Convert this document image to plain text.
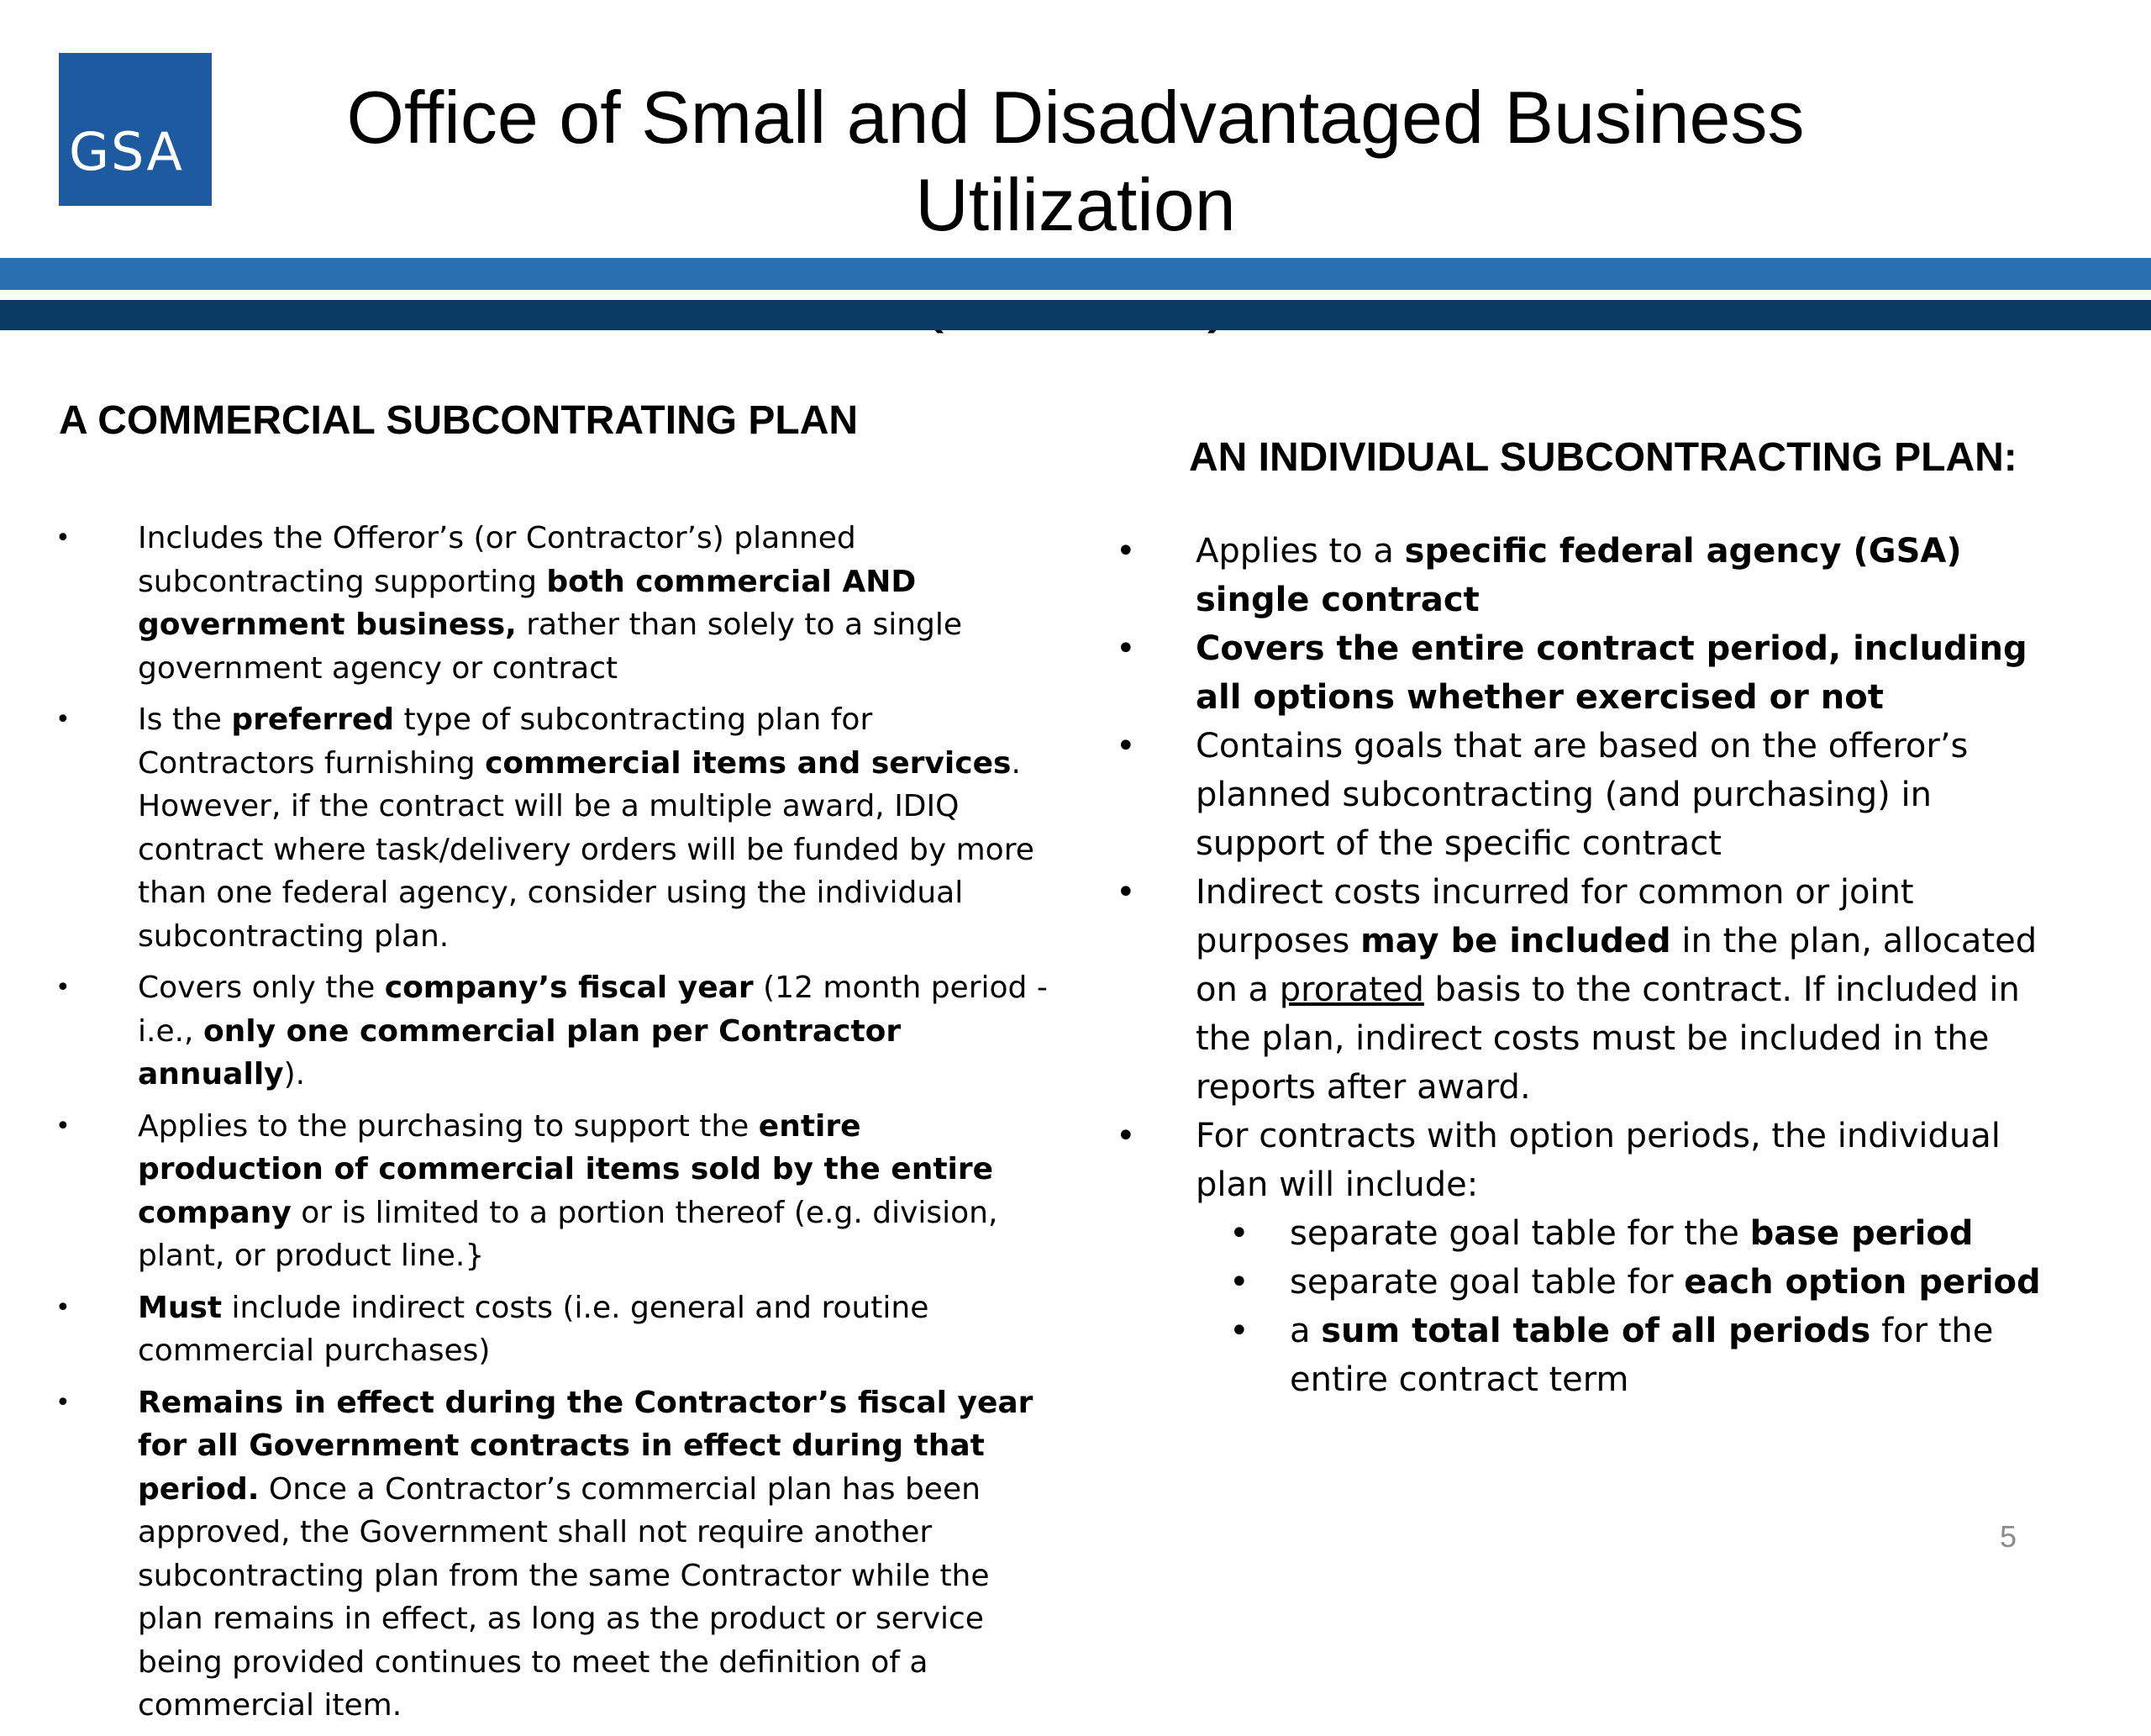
GSA	Office of Small and Disadvantaged Business Utilization
A COMMERCIAL SUBCONTRATING PLAN
• Includes the Offeror’s (or Contractor’s) planned subcontracting supporting both commercial AND government business, rather than solely to a single government agency or contract
• Is the preferred type of subcontracting plan for Contractors furnishing commercial items and services. However, if the contract will be a multiple award, IDIQ contract where task/delivery orders will be funded by more than one federal agency, consider using the individual subcontracting plan.
• Covers only the company’s fiscal year (12 month period - i.e., only one commercial plan per Contractor annually).
• Applies to the purchasing to support the entire production of commercial items sold by the entire company or is limited to a portion thereof (e.g. division, plant, or product line.}
• Must include indirect costs (i.e. general and routine commercial purchases)
• Remains in effect during the Contractor’s fiscal year for all Government contracts in effect during that period. Once a Contractor’s commercial plan has been approved, the Government shall not require another subcontracting plan from the same Contractor while the plan remains in effect, as long as the product or service being provided continues to meet the definition of a commercial item.
AN INDIVIDUAL SUBCONTRACTING PLAN:
• Applies to a specific federal agency (GSA) single contract
• Covers the entire contract period, including all options whether exercised or not
• Contains goals that are based on the offeror’s planned subcontracting (and purchasing) in support of the specific contract
• Indirect costs incurred for common or joint purposes may be included in the plan, allocated on a prorated basis to the contract. If included in the plan, indirect costs must be included in the reports after award.
• For contracts with option periods, the individual plan will include:
• separate goal table for the base period
• separate goal table for each option period
• a sum total table of all periods for the entire contract term
5
